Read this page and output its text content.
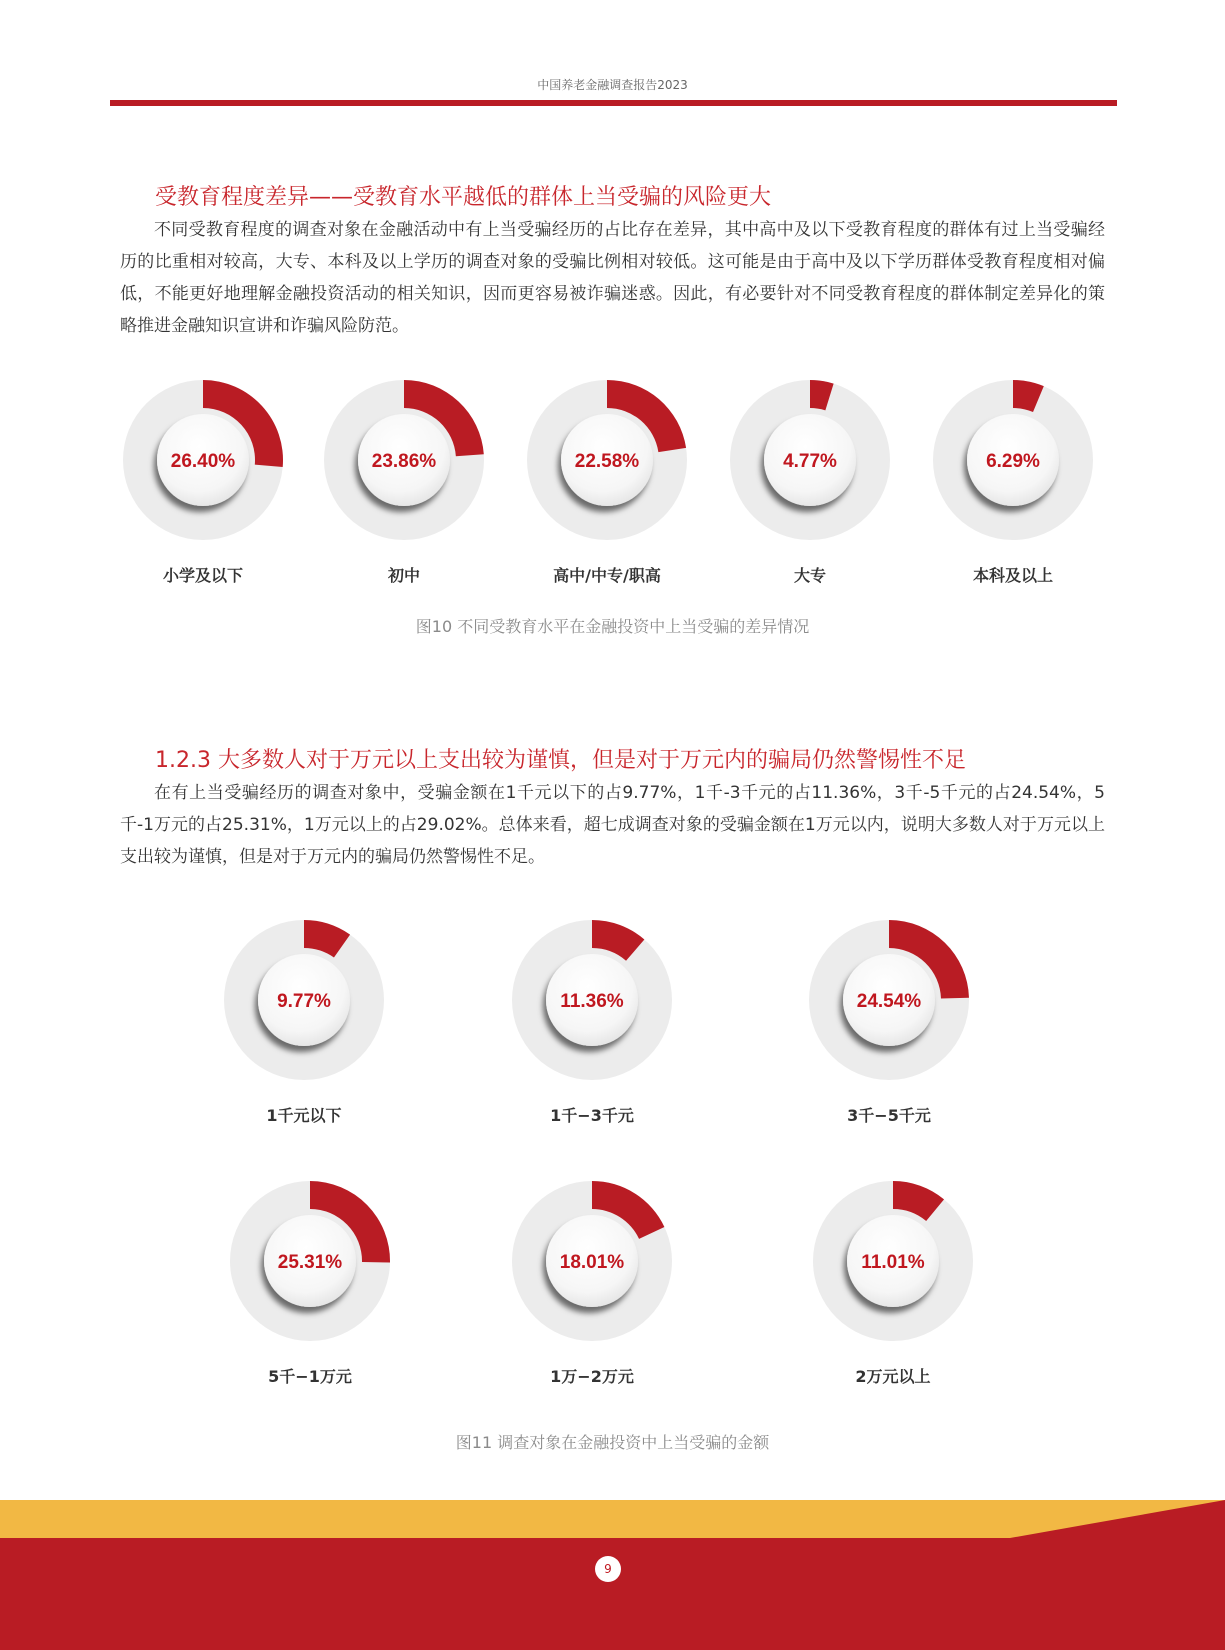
中国养老金融调查报告2023
受教育程度差异——受教育水平越低的群体上当受骗的风险更大

不同受教育程度的调查对象在金融活动中有上当受骗经历的占比存在差异，其中高中及以下受教育程度的群体有过上当受骗经历的比重相对较高，大专、本科及以上学历的调查对象的受骗比例相对较低。这可能是由于高中及以下学历群体受教育程度相对偏低，不能更好地理解金融投资活动的相关知识，因而更容易被诈骗迷惑。因此，有必要针对不同受教育程度的群体制定差异化的策略推进金融知识宣讲和诈骗风险防范。

26.40%
小学及以下
23.86%
初中
22.58%
高中/中专/职高
4.77%
大专
6.29%
本科及以上
图10 不同受教育水平在金融投资中上当受骗的差异情况
1.2.3 大多数人对于万元以上支出较为谨慎，但是对于万元内的骗局仍然警惕性不足

在有上当受骗经历的调查对象中，受骗金额在1千元以下的占9.77%，1千-3千元的占11.36%，3千-5千元的占24.54%，5千-1万元的占25.31%，1万元以上的占29.02%。总体来看，超七成调查对象的受骗金额在1万元以内，说明大多数人对于万元以上支出较为谨慎，但是对于万元内的骗局仍然警惕性不足。

9.77%
1千元以下
11.36%
1千−3千元
24.54%
3千−5千元
25.31%
5千−1万元
18.01%
1万−2万元
11.01%
2万元以上
图11 调查对象在金融投资中上当受骗的金额
9
